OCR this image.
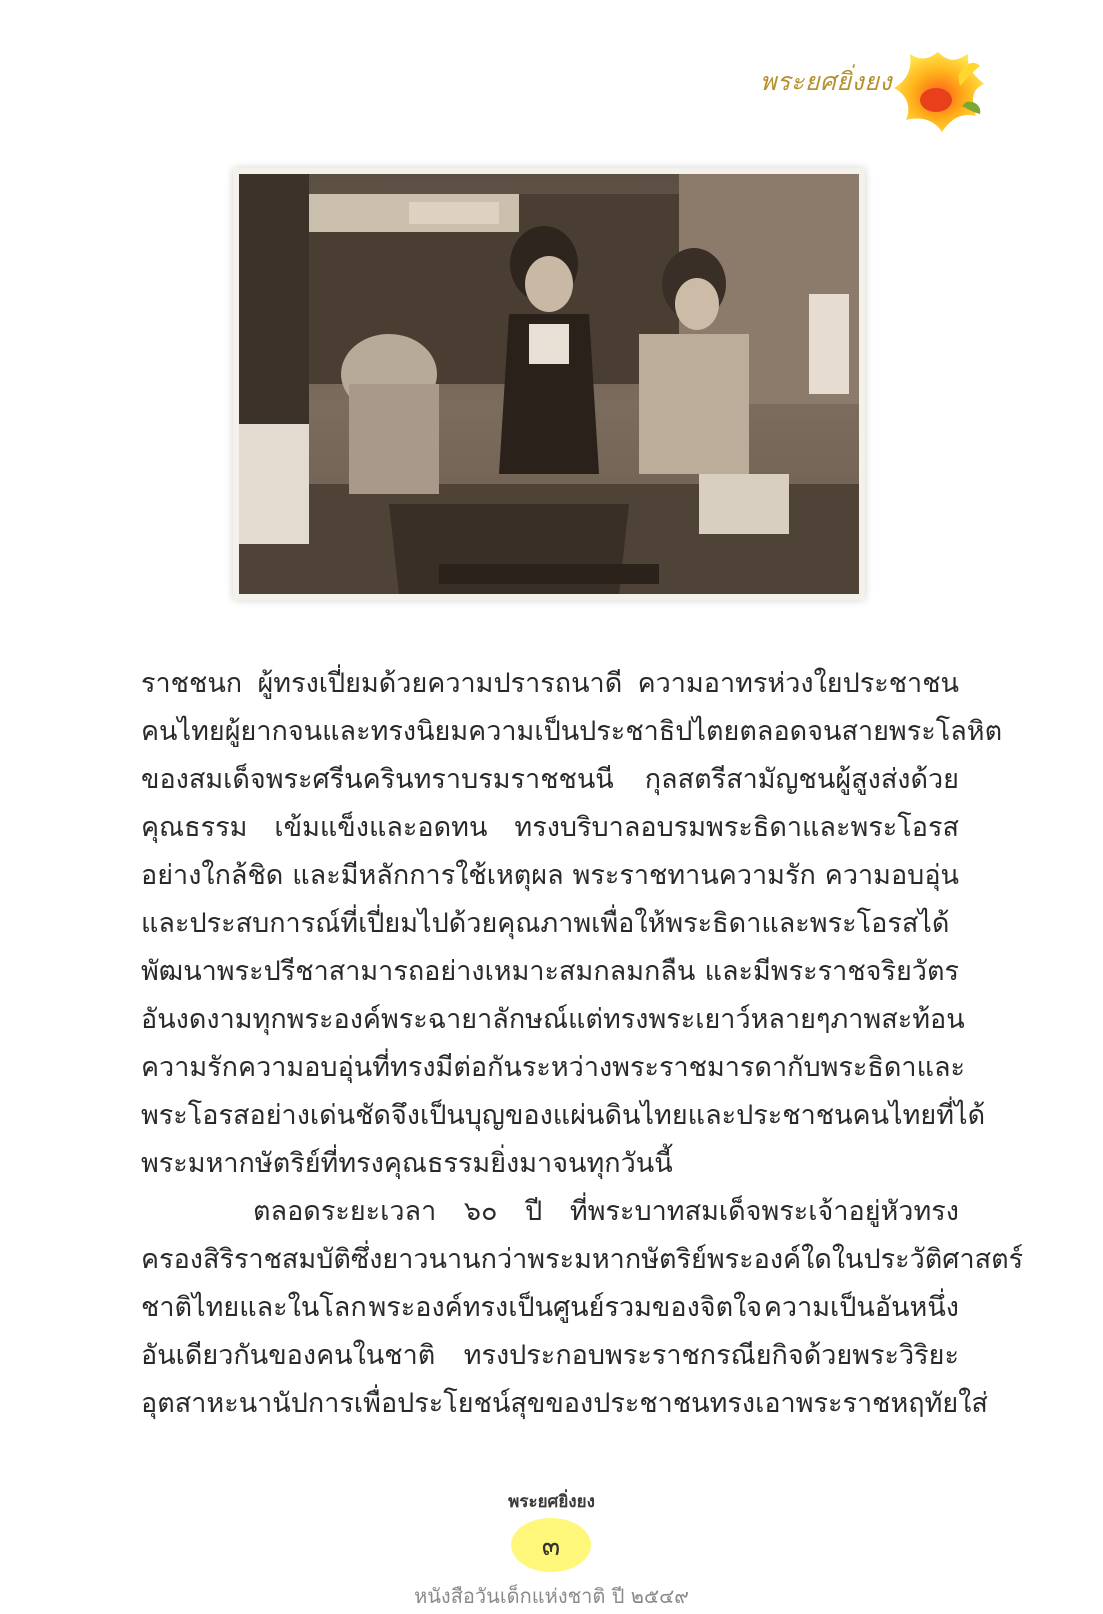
พระยศยิ่งยง
ราชชนก ผู้ทรงเปี่ยมด้วยความปรารถนาดี ความอาทรห่วงใยประชาชน
คนไทยผู้ยากจน และทรงนิยมความเป็นประชาธิปไตย ตลอดจนสายพระโลหิต
ของสมเด็จพระศรีนครินทราบรมราชชนนี กุลสตรีสามัญชนผู้สูงส่งด้วย
คุณธรรม เข้มแข็งและอดทน ทรงบริบาลอบรมพระธิดาและพระโอรส
อย่างใกล้ชิด และมีหลักการใช้เหตุผล พระราชทานความรัก ความอบอุ่น
และประสบการณ์ที่เปี่ยมไปด้วยคุณภาพเพื่อให้พระธิดาและพระโอรสได้
พัฒนาพระปรีชาสามารถอย่างเหมาะสมกลมกลืน และมีพระราชจริยวัตร
อันงดงามทุกพระองค์ พระฉายาลักษณ์แต่ทรงพระเยาว์หลายๆ ภาพสะท้อน
ความรักความอบอุ่นที่ทรงมีต่อกัน ระหว่างพระราชมารดากับพระธิดาและ
พระโอรสอย่างเด่นชัด จึงเป็นบุญของแผ่นดินไทยและประชาชนคนไทยที่ได้
พระมหากษัตริย์ที่ทรงคุณธรรมยิ่งมาจนทุกวันนี้
ตลอดระยะเวลา ๖๐ ปี ที่พระบาทสมเด็จพระเจ้าอยู่หัวทรง
ครองสิริราชสมบัติ ซึ่งยาวนานกว่าพระมหากษัตริย์พระองค์ใดในประวัติศาสตร์
ชาติไทยและในโลก พระองค์ทรงเป็นศูนย์รวมของจิตใจ ความเป็นอันหนึ่ง
อันเดียวกันของคนในชาติ ทรงประกอบพระราชกรณียกิจด้วยพระวิริยะ
อุตสาหะนานัปการเพื่อประโยชน์สุขของประชาชน ทรงเอาพระราชหฤทัยใส่
พระยศยิ่งยง
๓
หนังสือวันเด็กแห่งชาติ ปี ๒๕๔๙
